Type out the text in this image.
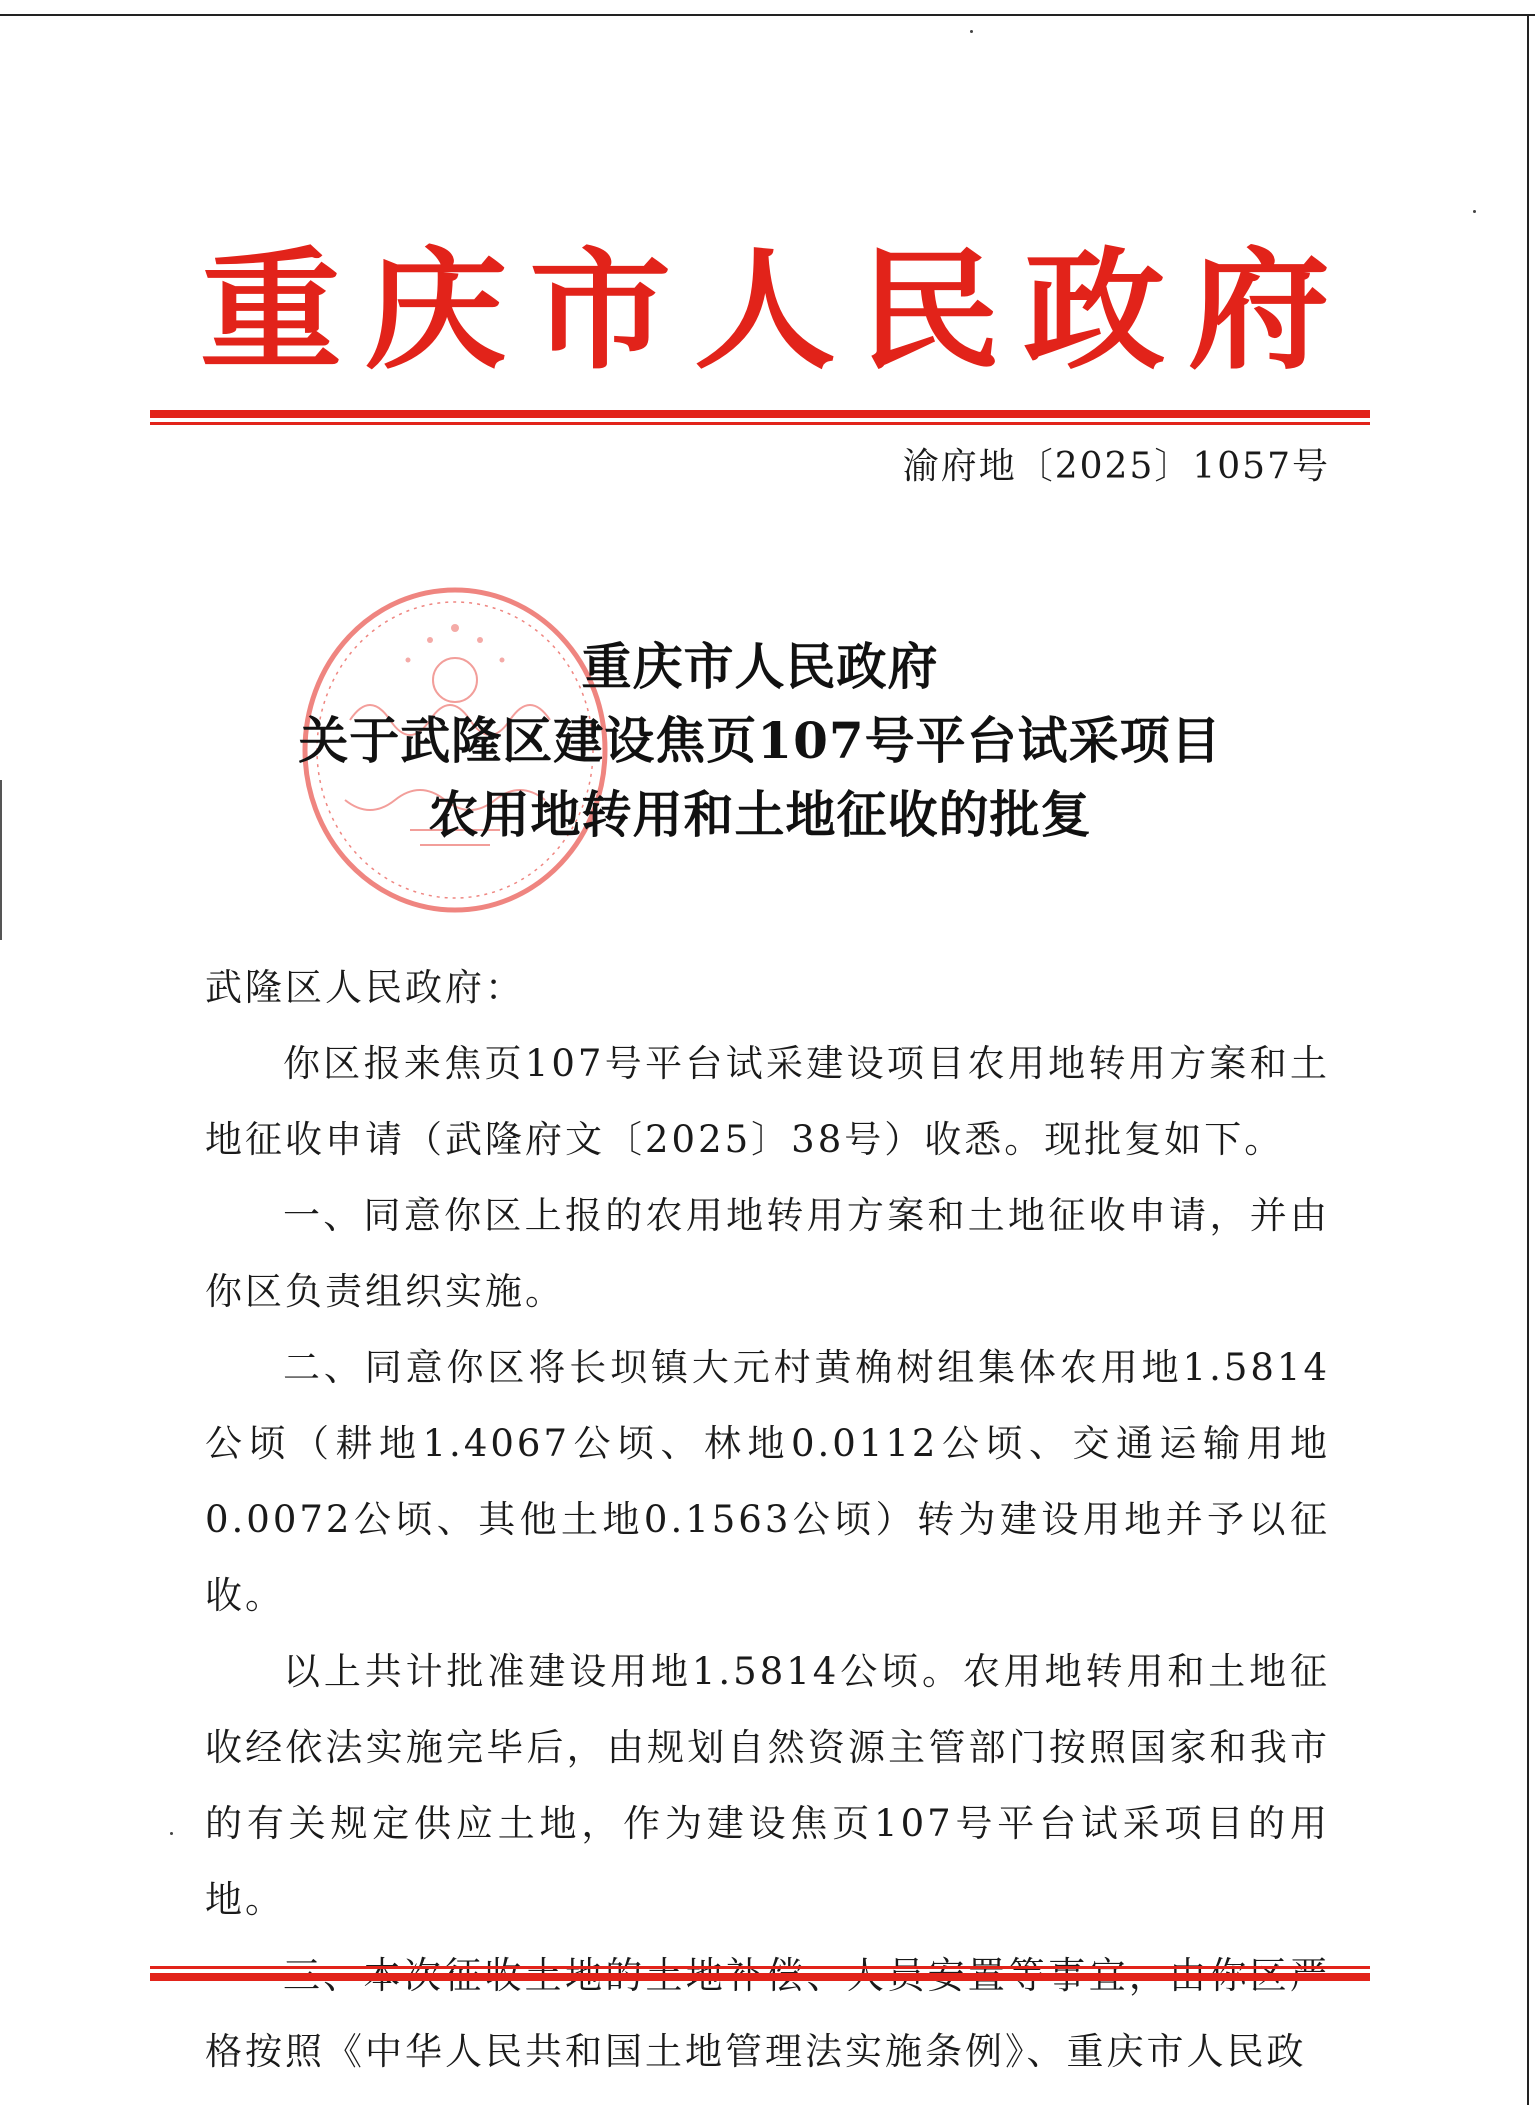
重 庆 市 人 民 政 府
渝府地〔2025〕1057号
重庆市人民政府
关于武隆区建设焦页107号平台试采项目
农用地转用和土地征收的批复

武隆区人民政府：

你区报来焦页107号平台试采建设项目农用地转用方案和土地征收申请（武隆府文〔2025〕38号）收悉。现批复如下。

一、同意你区上报的农用地转用方案和土地征收申请，并由你区负责组织实施。

二、同意你区将长坝镇大元村黄桷树组集体农用地1.5814公顷（耕地1.4067公顷、林地0.0112公顷、交通运输用地0.0072公顷、其他土地0.1563公顷）转为建设用地并予以征收。

以上共计批准建设用地1.5814公顷。农用地转用和土地征收经依法实施完毕后，由规划自然资源主管部门按照国家和我市的有关规定供应土地，作为建设焦页107号平台试采项目的用地。

格按照《中华人民共和国土地管理法实施条例》、重庆市人民政
